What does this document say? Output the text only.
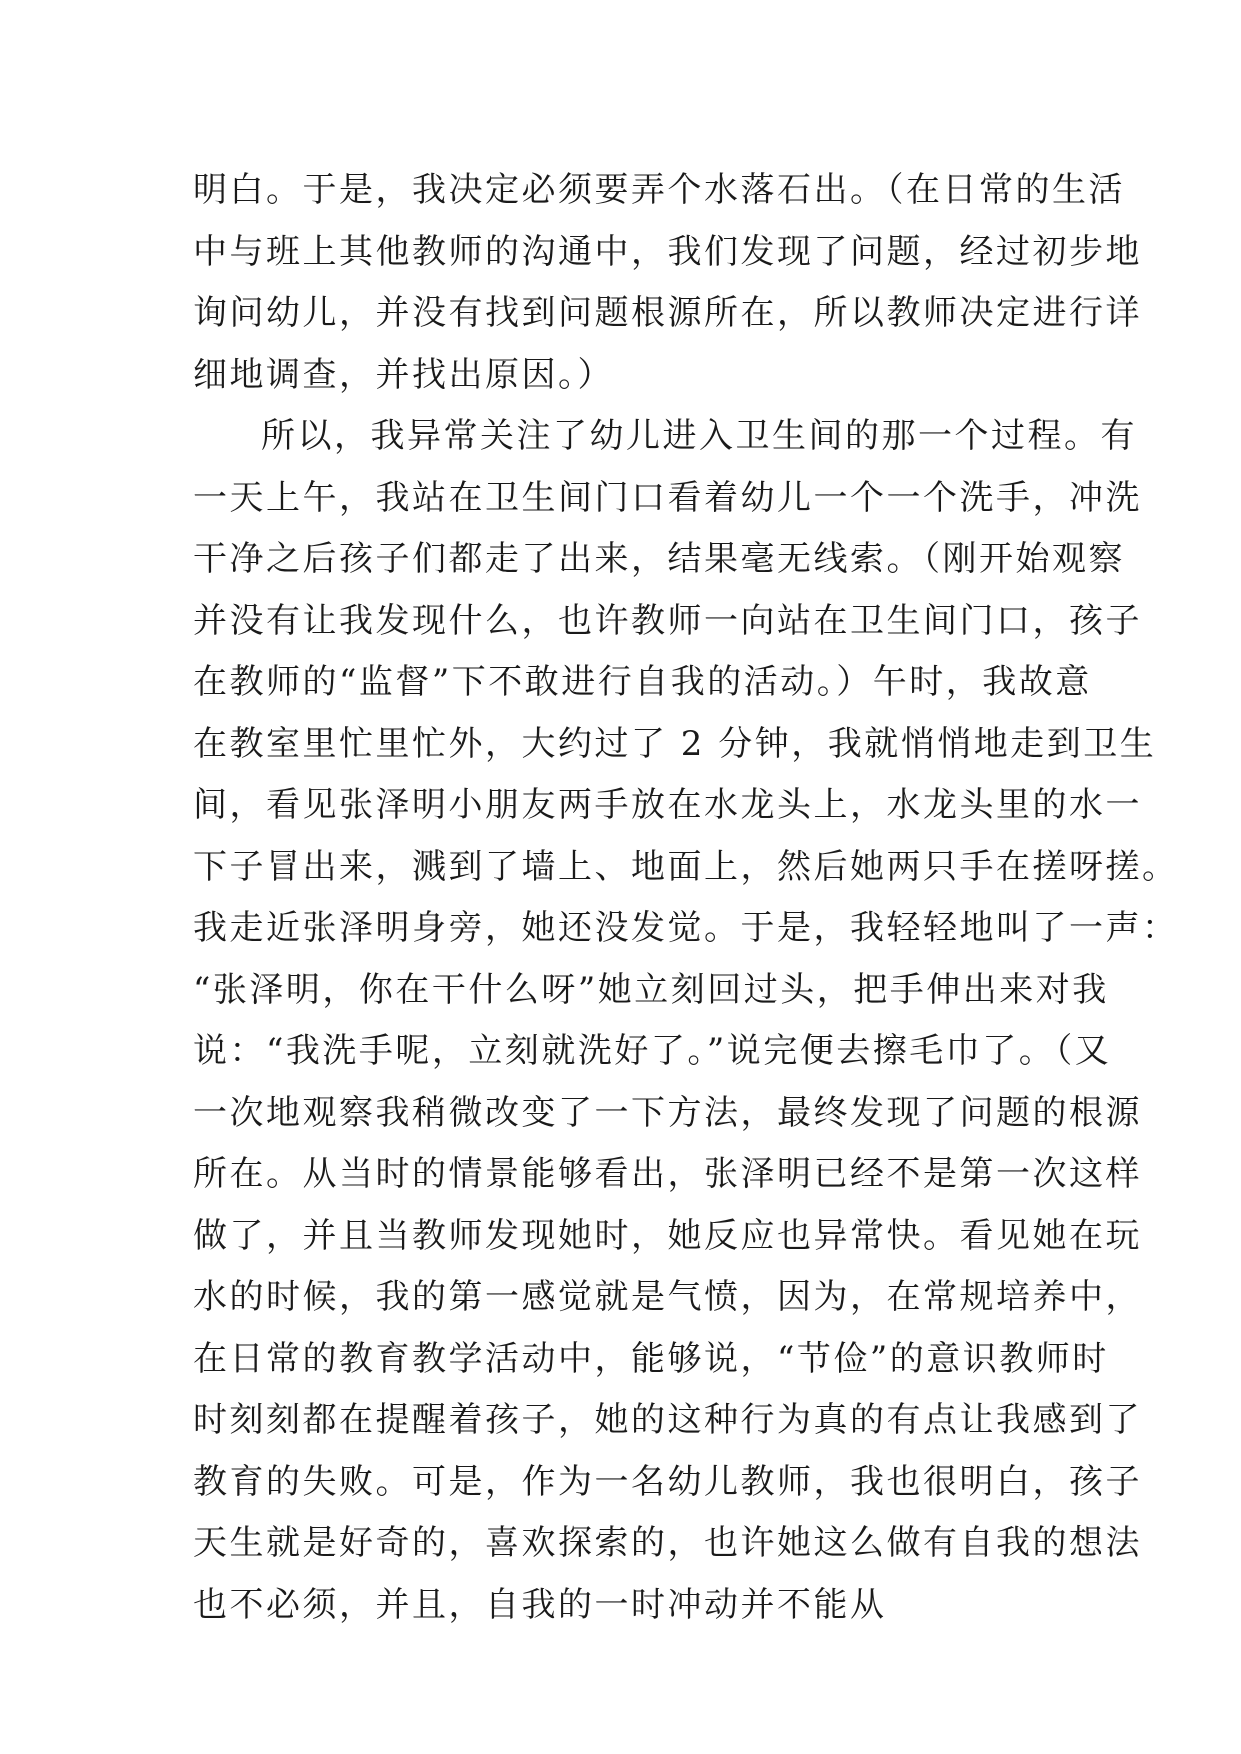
明白。于是，我决定必须要弄个水落石出。（在日常的生活
中与班上其他教师的沟通中，我们发现了问题，经过初步地
询问幼儿，并没有找到问题根源所在，所以教师决定进行详
细地调查，并找出原因。）
所以，我异常关注了幼儿进入卫生间的那一个过程。有
一天上午，我站在卫生间门口看着幼儿一个一个洗手，冲洗
干净之后孩子们都走了出来，结果毫无线索。（刚开始观察
并没有让我发现什么，也许教师一向站在卫生间门口，孩子
在教师的“监督”下不敢进行自我的活动。）午时，我故意
在教室里忙里忙外，大约过了 2 分钟，我就悄悄地走到卫生
间，看见张泽明小朋友两手放在水龙头上，水龙头里的水一
下子冒出来，溅到了墙上、地面上，然后她两只手在搓呀搓。
我走近张泽明身旁，她还没发觉。于是，我轻轻地叫了一声：
“张泽明，你在干什么呀”她立刻回过头，把手伸出来对我
说：“我洗手呢，立刻就洗好了。”说完便去擦毛巾了。（又
一次地观察我稍微改变了一下方法，最终发现了问题的根源
所在。从当时的情景能够看出，张泽明已经不是第一次这样
做了，并且当教师发现她时，她反应也异常快。看见她在玩
水的时候，我的第一感觉就是气愤，因为，在常规培养中，
在日常的教育教学活动中，能够说，“节俭”的意识教师时
时刻刻都在提醒着孩子，她的这种行为真的有点让我感到了
教育的失败。可是，作为一名幼儿教师，我也很明白，孩子
天生就是好奇的，喜欢探索的，也许她这么做有自我的想法
也不必须，并且，自我的一时冲动并不能从
